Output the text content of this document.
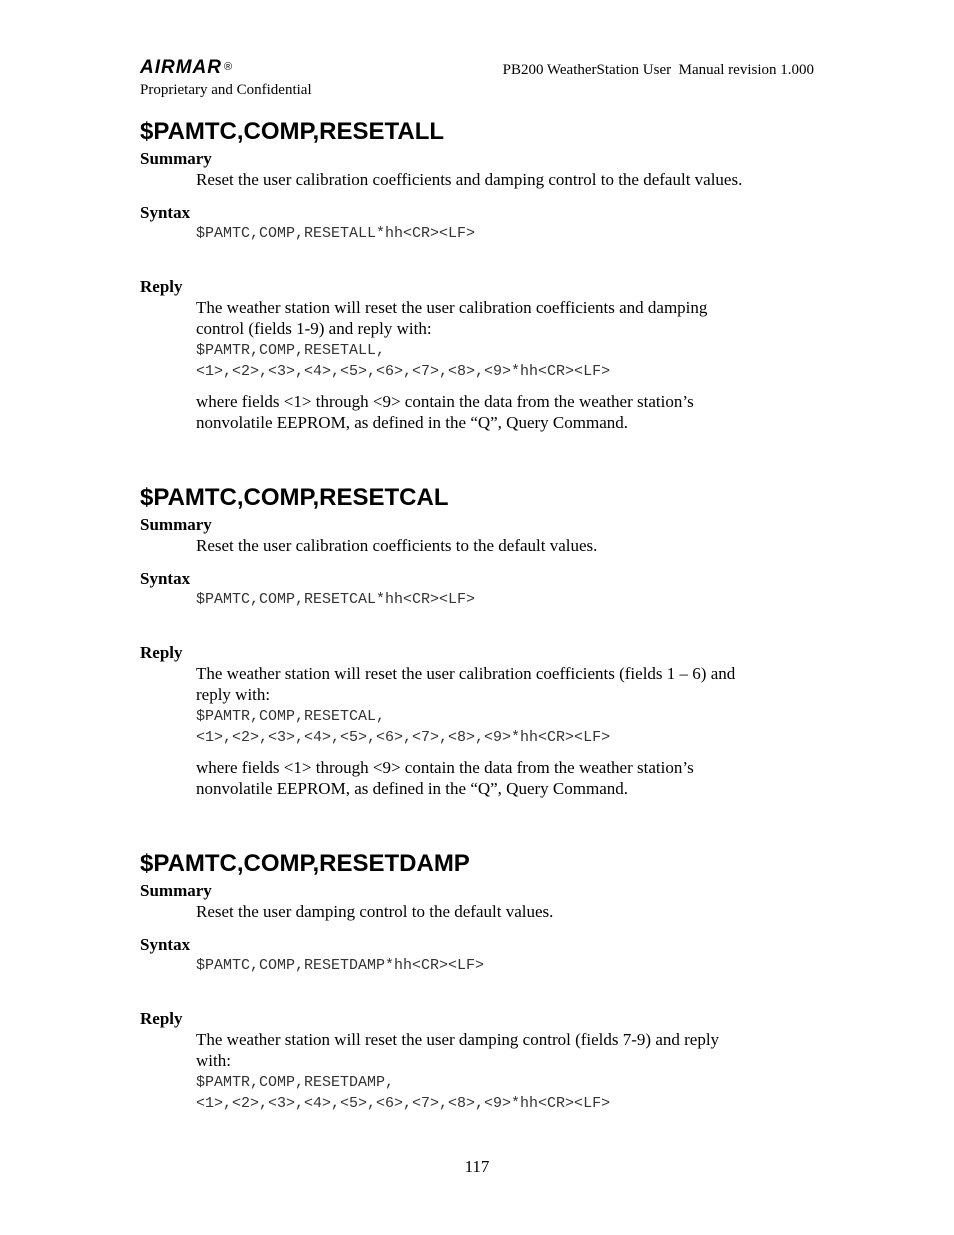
AIRMAR ®
Proprietary and Confidential
PB200 WeatherStation User  Manual revision 1.000
$PAMTC,COMP,RESETALL
Summary
Reset the user calibration coefficients and damping control to the default values.
Syntax
$PAMTC,COMP,RESETALL*hh<CR><LF>
Reply
The weather station will reset the user calibration coefficients and damping
control (fields 1-9) and reply with:
$PAMTR,COMP,RESETALL,
<1>,<2>,<3>,<4>,<5>,<6>,<7>,<8>,<9>*hh<CR><LF>
where fields <1> through <9> contain the data from the weather station’s
nonvolatile EEPROM, as defined in the “Q”, Query Command.
$PAMTC,COMP,RESETCAL
Summary
Reset the user calibration coefficients to the default values.
Syntax
$PAMTC,COMP,RESETCAL*hh<CR><LF>
Reply
The weather station will reset the user calibration coefficients (fields 1 – 6) and
reply with:
$PAMTR,COMP,RESETCAL,
<1>,<2>,<3>,<4>,<5>,<6>,<7>,<8>,<9>*hh<CR><LF>
where fields <1> through <9> contain the data from the weather station’s
nonvolatile EEPROM, as defined in the “Q”, Query Command.
$PAMTC,COMP,RESETDAMP
Summary
Reset the user damping control to the default values.
Syntax
$PAMTC,COMP,RESETDAMP*hh<CR><LF>
Reply
The weather station will reset the user damping control (fields 7-9) and reply
with:
$PAMTR,COMP,RESETDAMP,
<1>,<2>,<3>,<4>,<5>,<6>,<7>,<8>,<9>*hh<CR><LF>
117
